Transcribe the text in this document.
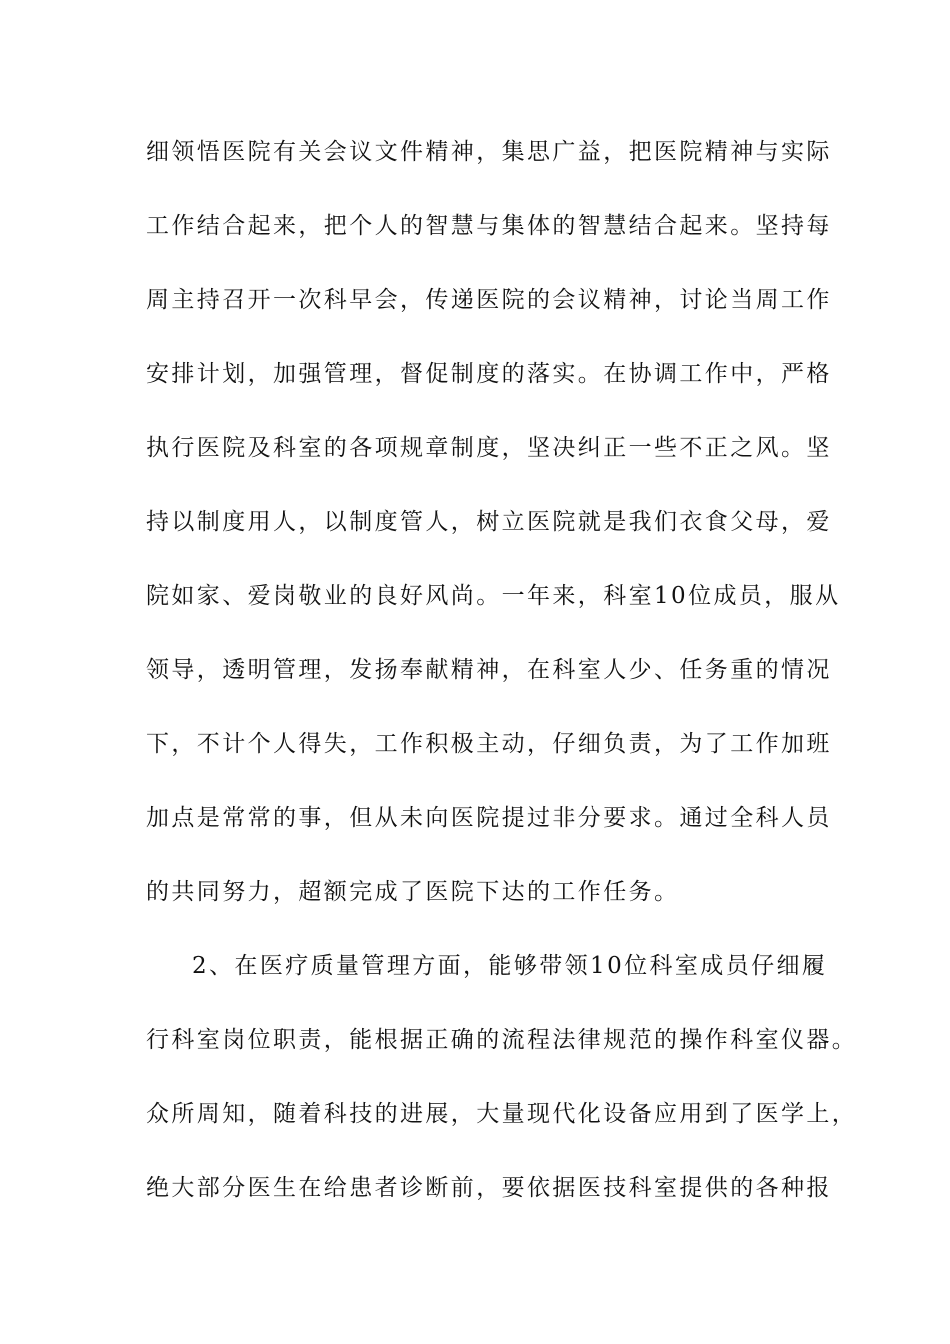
细领悟医院有关会议文件精神，集思广益，把医院精神与实际
工作结合起来，把个人的智慧与集体的智慧结合起来。坚持每
周主持召开一次科早会，传递医院的会议精神，讨论当周工作
安排计划，加强管理，督促制度的落实。在协调工作中，严格
执行医院及科室的各项规章制度，坚决纠正一些不正之风。坚
持以制度用人，以制度管人，树立医院就是我们衣食父母，爱
院如家、爱岗敬业的良好风尚。一年来，科室10位成员，服从
领导，透明管理，发扬奉献精神，在科室人少、任务重的情况
下，不计个人得失，工作积极主动，仔细负责，为了工作加班
加点是常常的事，但从未向医院提过非分要求。通过全科人员
的共同努力，超额完成了医院下达的工作任务。
2、在医疗质量管理方面，能够带领10位科室成员仔细履
行科室岗位职责，能根据正确的流程法律规范的操作科室仪器。
众所周知，随着科技的进展，大量现代化设备应用到了医学上，
绝大部分医生在给患者诊断前，要依据医技科室提供的各种报
